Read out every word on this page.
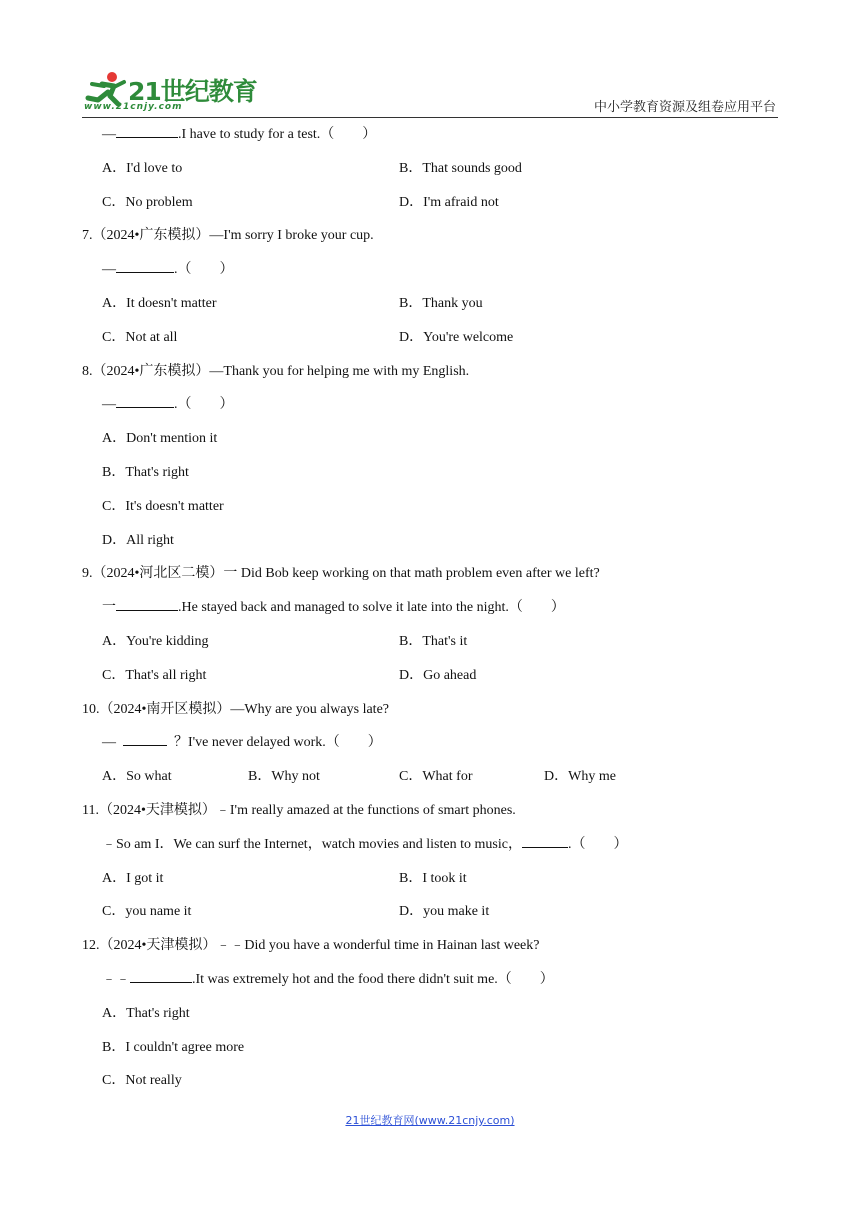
21世纪教育
www.21cnjy.com	中小学教育资源及组卷应用平台
—	.I have to study for a test.（　　）
A．I'd love to	B．That sounds good
C．No problem	D．I'm afraid not
7.（2024•广东模拟）—I'm sorry I broke your cup.
—	.（　　）
A．It doesn't matter	B．Thank you
C．Not at all	D．You're welcome
8.（2024•广东模拟）—Thank you for helping me with my English.
—	.（　　）
A．Don't mention it
B．That's right
C．It's doesn't matter
D．All right
9.（2024•河北区二模）一 Did Bob keep working on that math problem even after we left?
一	.He stayed back and managed to solve it late into the night.（　　）
A．You're kidding	B．That's it
C．That's all right	D．Go ahead
10.（2024•南开区模拟）—Why are you always late?
—	？I've never delayed work.（　　）
A．So what	B．Why not	C．What for	D．Why me
11.（2024•天津模拟）﹣I'm really amazed at the functions of smart phones.
﹣So am I．We can surf the Internet，watch movies and listen to music，	.（　　）
A．I got it	B．I took it
C．you name it	D．you make it
12.（2024•天津模拟）﹣﹣Did you have a wonderful time in Hainan last week?
﹣﹣	.It was extremely hot and the food there didn't suit me.（　　）
A．That's right
B．I couldn't agree more
C．Not really
21世纪教育网(www.21cnjy.com)
